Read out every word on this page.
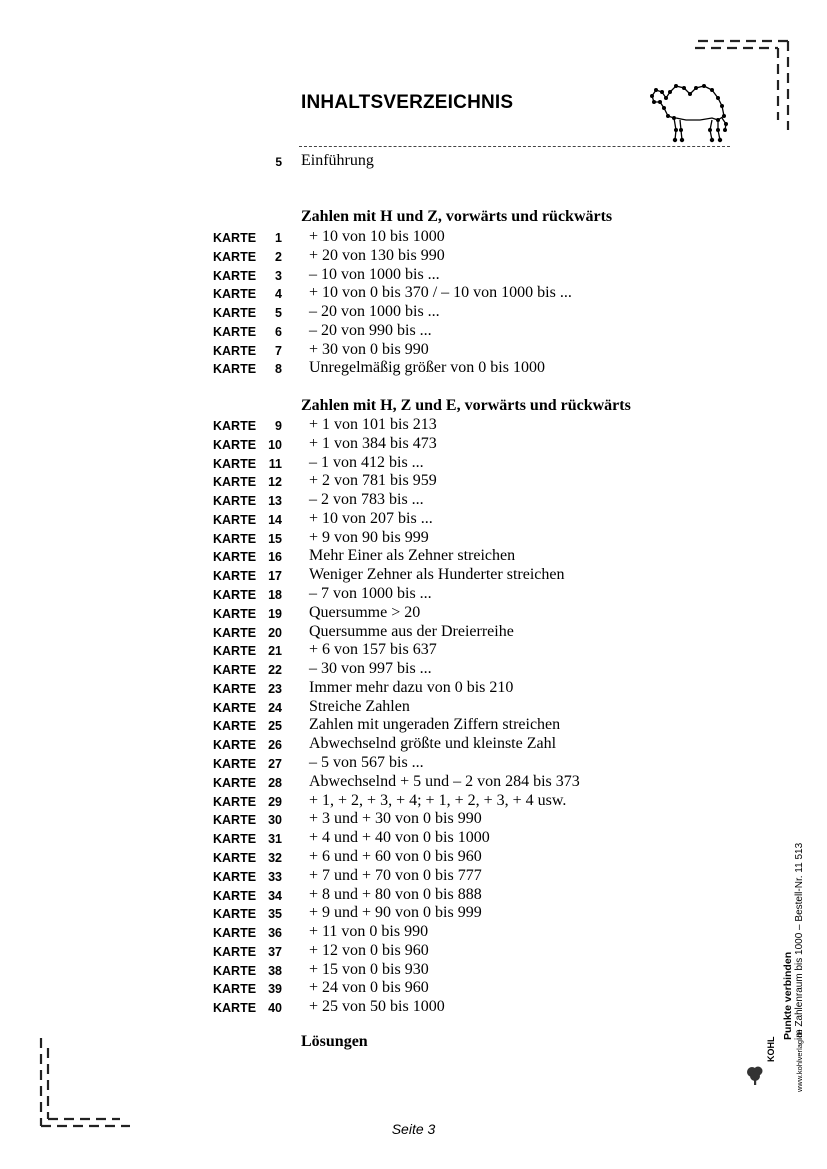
INHALTSVERZEICHNIS
5 Einführung
Zahlen mit H und Z, vorwärts und rückwärts
KARTE 1 + 10 von 10 bis 1000
KARTE 2 + 20 von 130 bis 990
KARTE 3 – 10 von 1000 bis ...
KARTE 4 + 10 von 0 bis 370 / – 10 von 1000 bis ...
KARTE 5 – 20 von 1000 bis ...
KARTE 6 – 20 von 990 bis ...
KARTE 7 + 30 von 0 bis 990
KARTE 8 Unregelmäßig größer von 0 bis 1000
Zahlen mit H, Z und E, vorwärts und rückwärts
KARTE 9 + 1 von 101 bis 213
KARTE 10 + 1 von 384 bis 473
KARTE 11 – 1 von 412 bis ...
KARTE 12 + 2 von 781 bis 959
KARTE 13 – 2 von 783 bis ...
KARTE 14 + 10 von 207 bis ...
KARTE 15 + 9 von 90 bis 999
KARTE 16 Mehr Einer als Zehner streichen
KARTE 17 Weniger Zehner als Hunderter streichen
KARTE 18 – 7 von 1000 bis ...
KARTE 19 Quersumme > 20
KARTE 20 Quersumme aus der Dreierreihe
KARTE 21 + 6 von 157 bis 637
KARTE 22 – 30 von 997 bis ...
KARTE 23 Immer mehr dazu von 0 bis 210
KARTE 24 Streiche Zahlen
KARTE 25 Zahlen mit ungeraden Ziffern streichen
KARTE 26 Abwechselnd größte und kleinste Zahl
KARTE 27 – 5 von 567 bis ...
KARTE 28 Abwechselnd + 5 und – 2 von 284 bis 373
KARTE 29 + 1, + 2, + 3, + 4; + 1, + 2, + 3, + 4 usw.
KARTE 30 + 3 und + 30 von 0 bis 990
KARTE 31 + 4 und + 40 von 0 bis 1000
KARTE 32 + 6 und + 60 von 0 bis 960
KARTE 33 + 7 und + 70 von 0 bis 777
KARTE 34 + 8 und + 80 von 0 bis 888
KARTE 35 + 9 und + 90 von 0 bis 999
KARTE 36 + 11 von 0 bis 990
KARTE 37 + 12 von 0 bis 960
KARTE 38 + 15 von 0 bis 930
KARTE 39 + 24 von 0 bis 960
KARTE 40 + 25 von 50 bis 1000
Lösungen
Punkte verbinden im Zahlenraum bis 1000 – Bestell-Nr. 11 513
www.kohlverlag.de
KOHL
Seite 3
